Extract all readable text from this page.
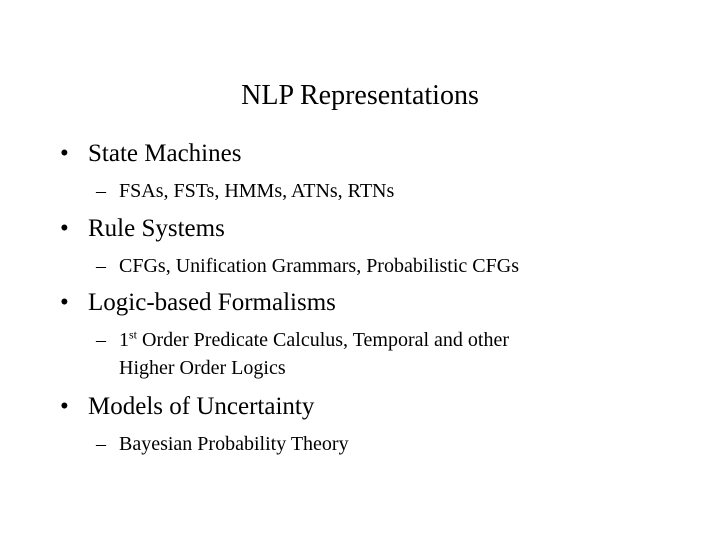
NLP Representations
• State Machines
– FSAs, FSTs, HMMs, ATNs, RTNs
• Rule Systems
– CFGs, Unification Grammars, Probabilistic CFGs
• Logic-based Formalisms
– 1st Order Predicate Calculus, Temporal and other
Higher Order Logics
• Models of Uncertainty
– Bayesian Probability Theory
